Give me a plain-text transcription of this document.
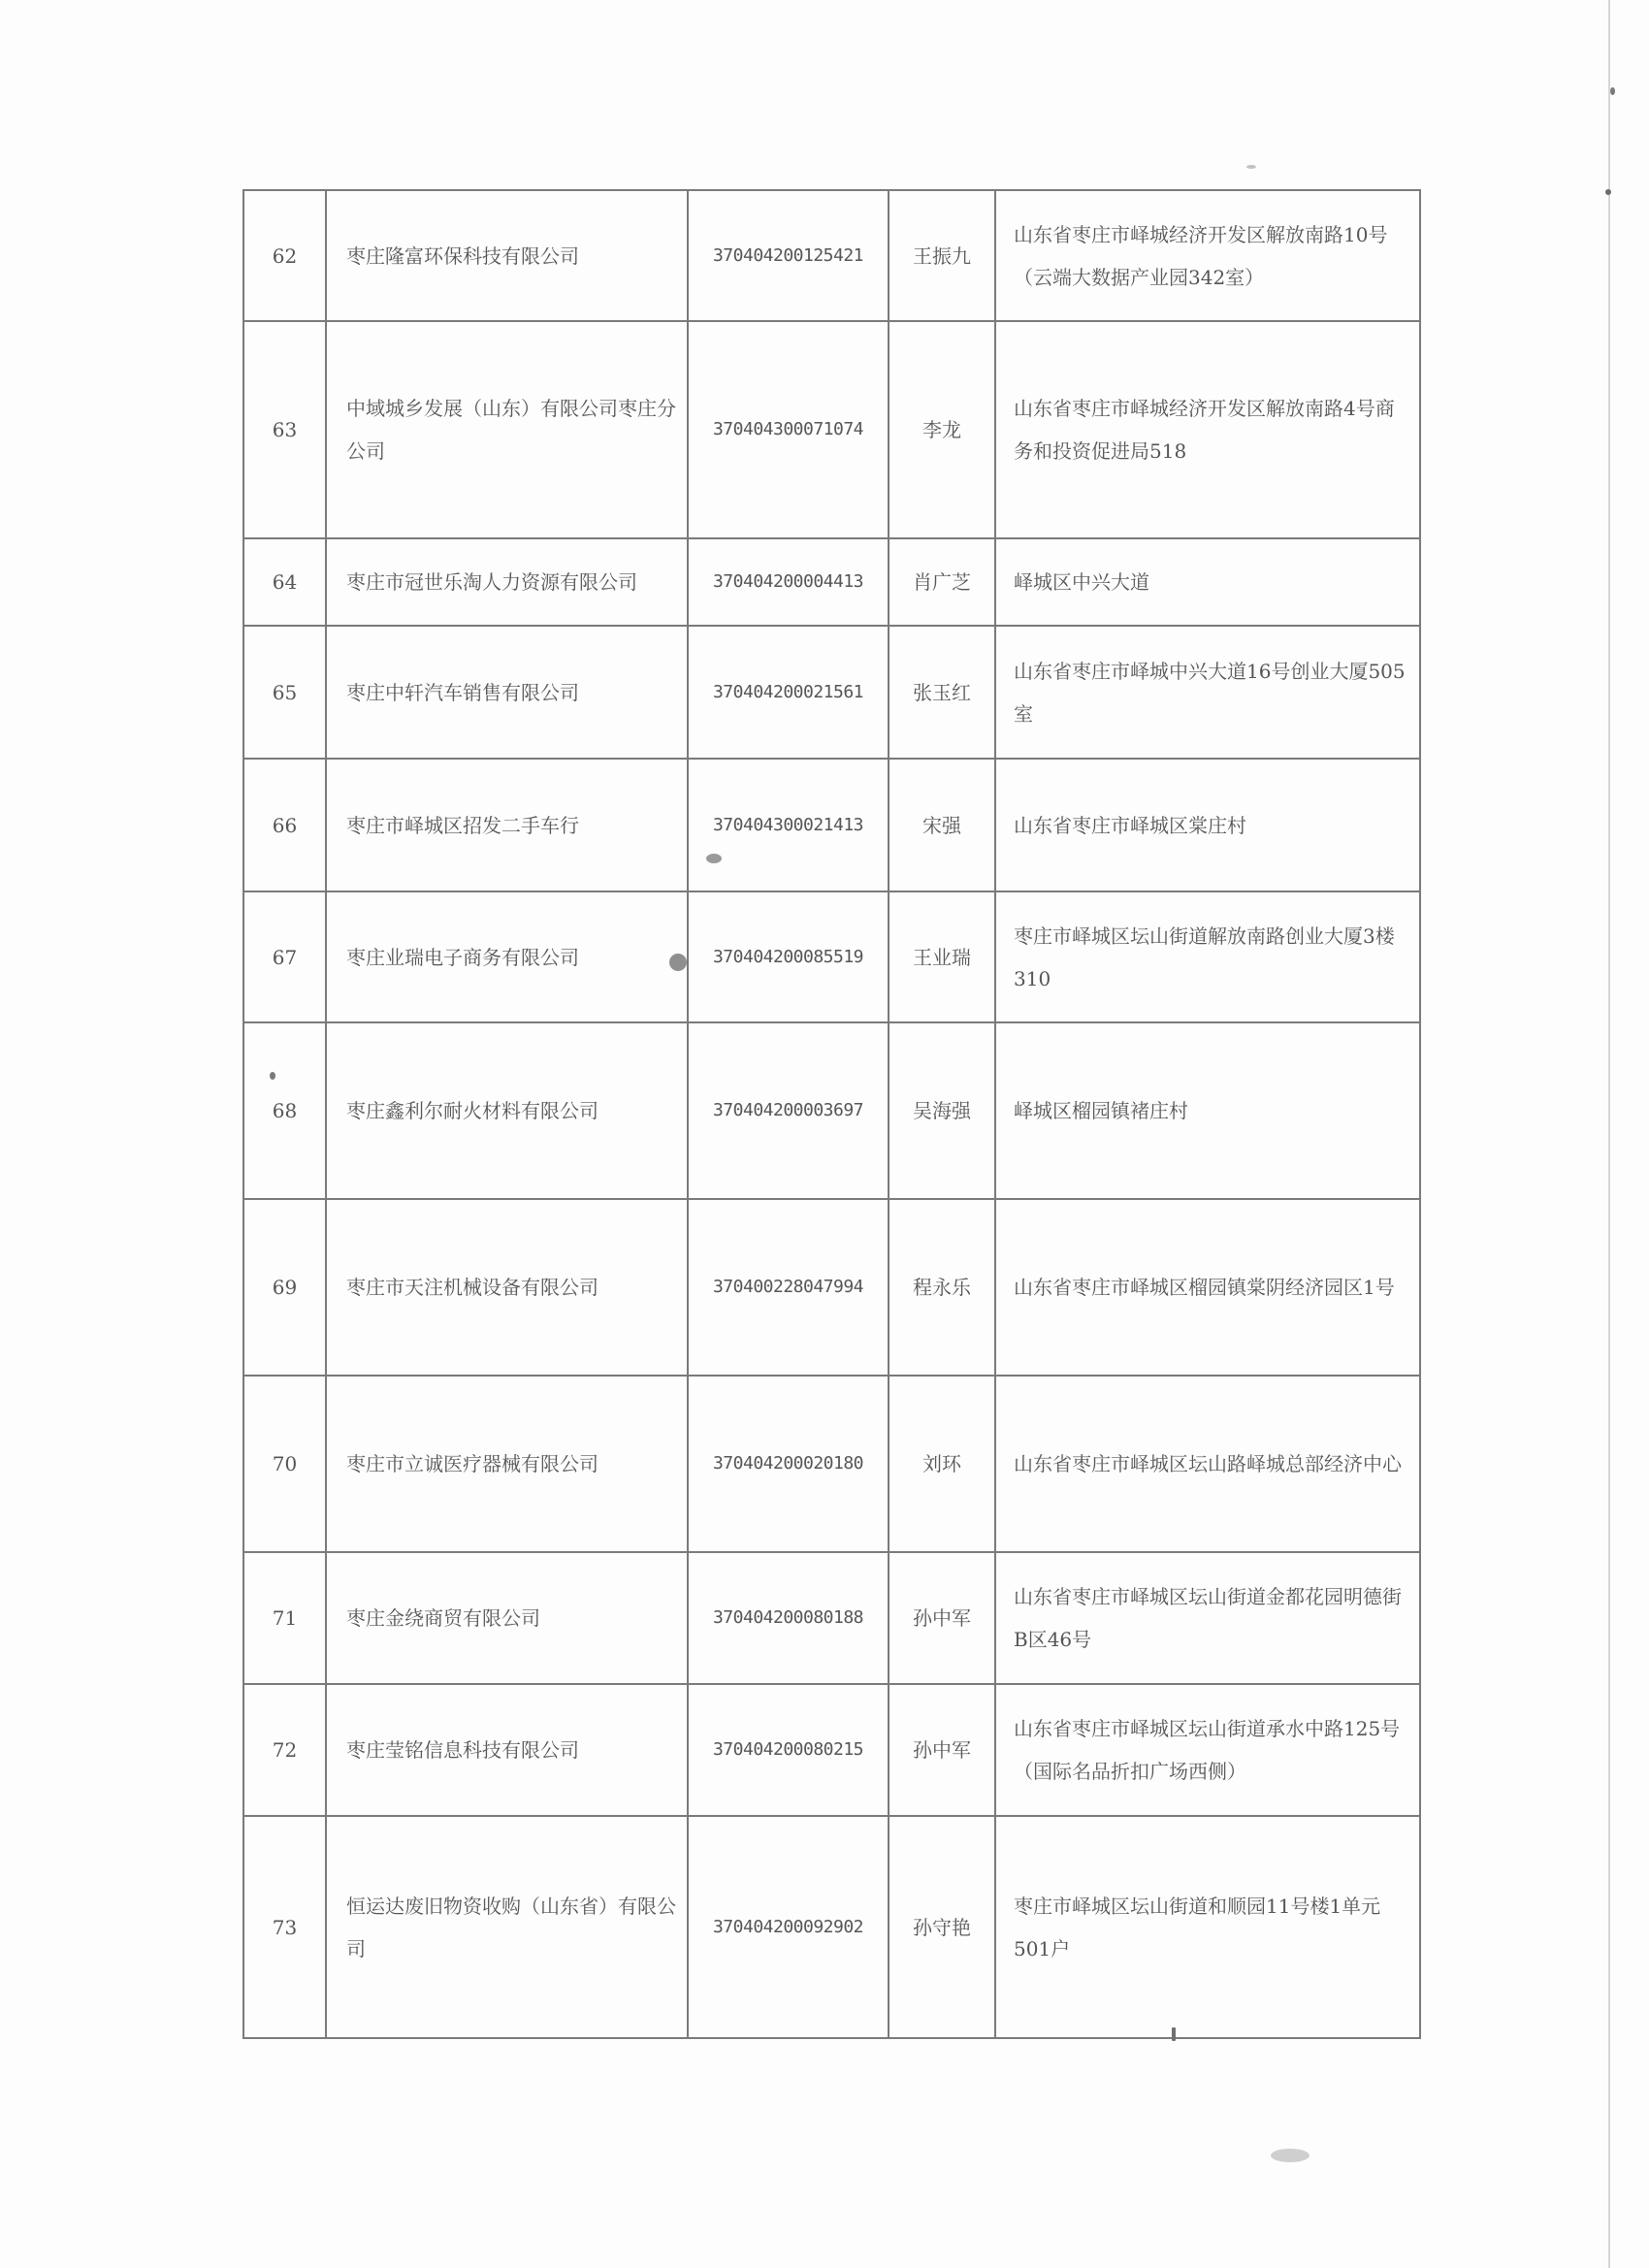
62	枣庄隆富环保科技有限公司	370404200125421	王振九	山东省枣庄市峄城经济开发区解放南路10号（云端大数据产业园342室）
63	中域城乡发展（山东）有限公司枣庄分公司	370404300071074	李龙	山东省枣庄市峄城经济开发区解放南路4号商务和投资促进局518
64	枣庄市冠世乐淘人力资源有限公司	370404200004413	肖广芝	峄城区中兴大道
65	枣庄中轩汽车销售有限公司	370404200021561	张玉红	山东省枣庄市峄城中兴大道16号创业大厦505室
66	枣庄市峄城区招发二手车行	370404300021413	宋强	山东省枣庄市峄城区棠庄村
67	枣庄业瑞电子商务有限公司	370404200085519	王业瑞	枣庄市峄城区坛山街道解放南路创业大厦3楼310
68	枣庄鑫利尔耐火材料有限公司	370404200003697	吴海强	峄城区榴园镇褚庄村
69	枣庄市天注机械设备有限公司	370400228047994	程永乐	山东省枣庄市峄城区榴园镇棠阴经济园区1号
70	枣庄市立诚医疗器械有限公司	370404200020180	刘环	山东省枣庄市峄城区坛山路峄城总部经济中心
71	枣庄金绕商贸有限公司	370404200080188	孙中军	山东省枣庄市峄城区坛山街道金都花园明德街B区46号
72	枣庄莹铭信息科技有限公司	370404200080215	孙中军	山东省枣庄市峄城区坛山街道承水中路125号（国际名品折扣广场西侧）
73	恒运达废旧物资收购（山东省）有限公司	370404200092902	孙守艳	枣庄市峄城区坛山街道和顺园11号楼1单元501户
